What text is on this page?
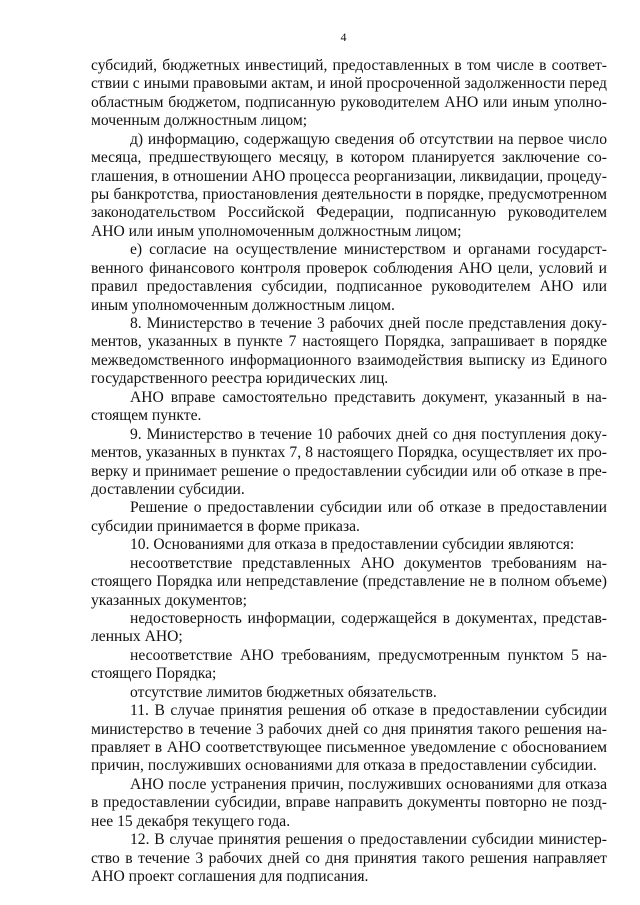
4
субсидий, бюджетных инвестиций, предоставленных в том числе в соответ-
ствии с иными правовыми актам, и иной просроченной задолженности перед
областным бюджетом, подписанную руководителем АНО или иным уполно-
моченным должностным лицом;
д) информацию, содержащую сведения об отсутствии на первое число
месяца, предшествующего месяцу, в котором планируется заключение со-
глашения, в отношении АНО процесса реорганизации, ликвидации, процеду-
ры банкротства, приостановления деятельности в порядке, предусмотренном
законодательством Российской Федерации, подписанную руководителем
АНО или иным уполномоченным должностным лицом;
е) согласие на осуществление министерством и органами государст-
венного финансового контроля проверок соблюдения АНО цели, условий и
правил предоставления субсидии, подписанное руководителем АНО или
иным уполномоченным должностным лицом.
8. Министерство в течение 3 рабочих дней после представления доку-
ментов, указанных в пункте 7 настоящего Порядка, запрашивает в порядке
межведомственного информационного взаимодействия выписку из Единого
государственного реестра юридических лиц.
АНО вправе самостоятельно представить документ, указанный в на-
стоящем пункте.
9. Министерство в течение 10 рабочих дней со дня поступления доку-
ментов, указанных в пунктах 7, 8 настоящего Порядка, осуществляет их про-
верку и принимает решение о предоставлении субсидии или об отказе в пре-
доставлении субсидии.
Решение о предоставлении субсидии или об отказе в предоставлении
субсидии принимается в форме приказа.
10. Основаниями для отказа в предоставлении субсидии являются:
несоответствие представленных АНО документов требованиям на-
стоящего Порядка или непредставление (представление не в полном объеме)
указанных документов;
недостоверность информации, содержащейся в документах, представ-
ленных АНО;
несоответствие АНО требованиям, предусмотренным пунктом 5 на-
стоящего Порядка;
отсутствие лимитов бюджетных обязательств.
11. В случае принятия решения об отказе в предоставлении субсидии
министерство в течение 3 рабочих дней со дня принятия такого решения на-
правляет в АНО соответствующее письменное уведомление с обоснованием
причин, послуживших основаниями для отказа в предоставлении субсидии.
АНО после устранения причин, послуживших основаниями для отказа
в предоставлении субсидии, вправе направить документы повторно не позд-
нее 15 декабря текущего года.
12. В случае принятия решения о предоставлении субсидии министер-
ство в течение 3 рабочих дней со дня принятия такого решения направляет
АНО проект соглашения для подписания.
